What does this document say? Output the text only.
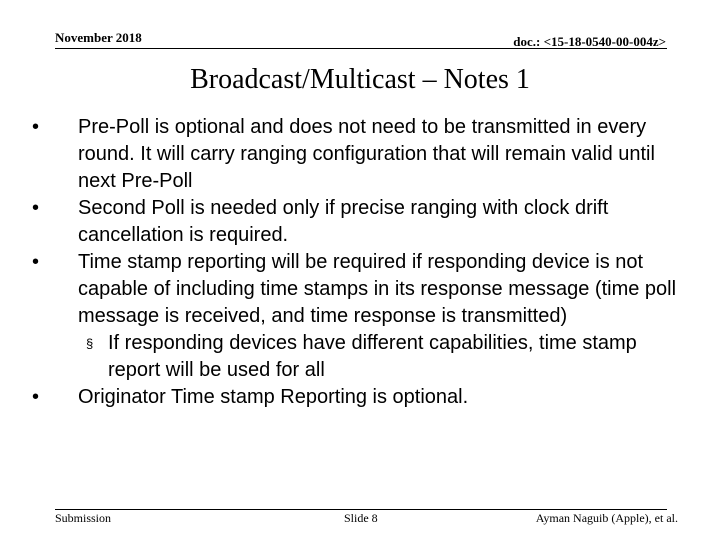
November 2018	doc.: <15-18-0540-00-004z>
Broadcast/Multicast – Notes 1
•	Pre-Poll is optional and does not need to be transmitted in every round. It will carry ranging configuration that will remain valid until next Pre-Poll
•	Second Poll is needed only if precise ranging with clock drift cancellation is required.
•	Time stamp reporting will be required if responding device is not capable of including time stamps in its response message (time poll message is received, and time response is transmitted)
§ If responding devices have different capabilities, time stamp report will be used for all
•	Originator Time stamp Reporting is optional.
Submission	Slide 8	Ayman Naguib (Apple), et al.
